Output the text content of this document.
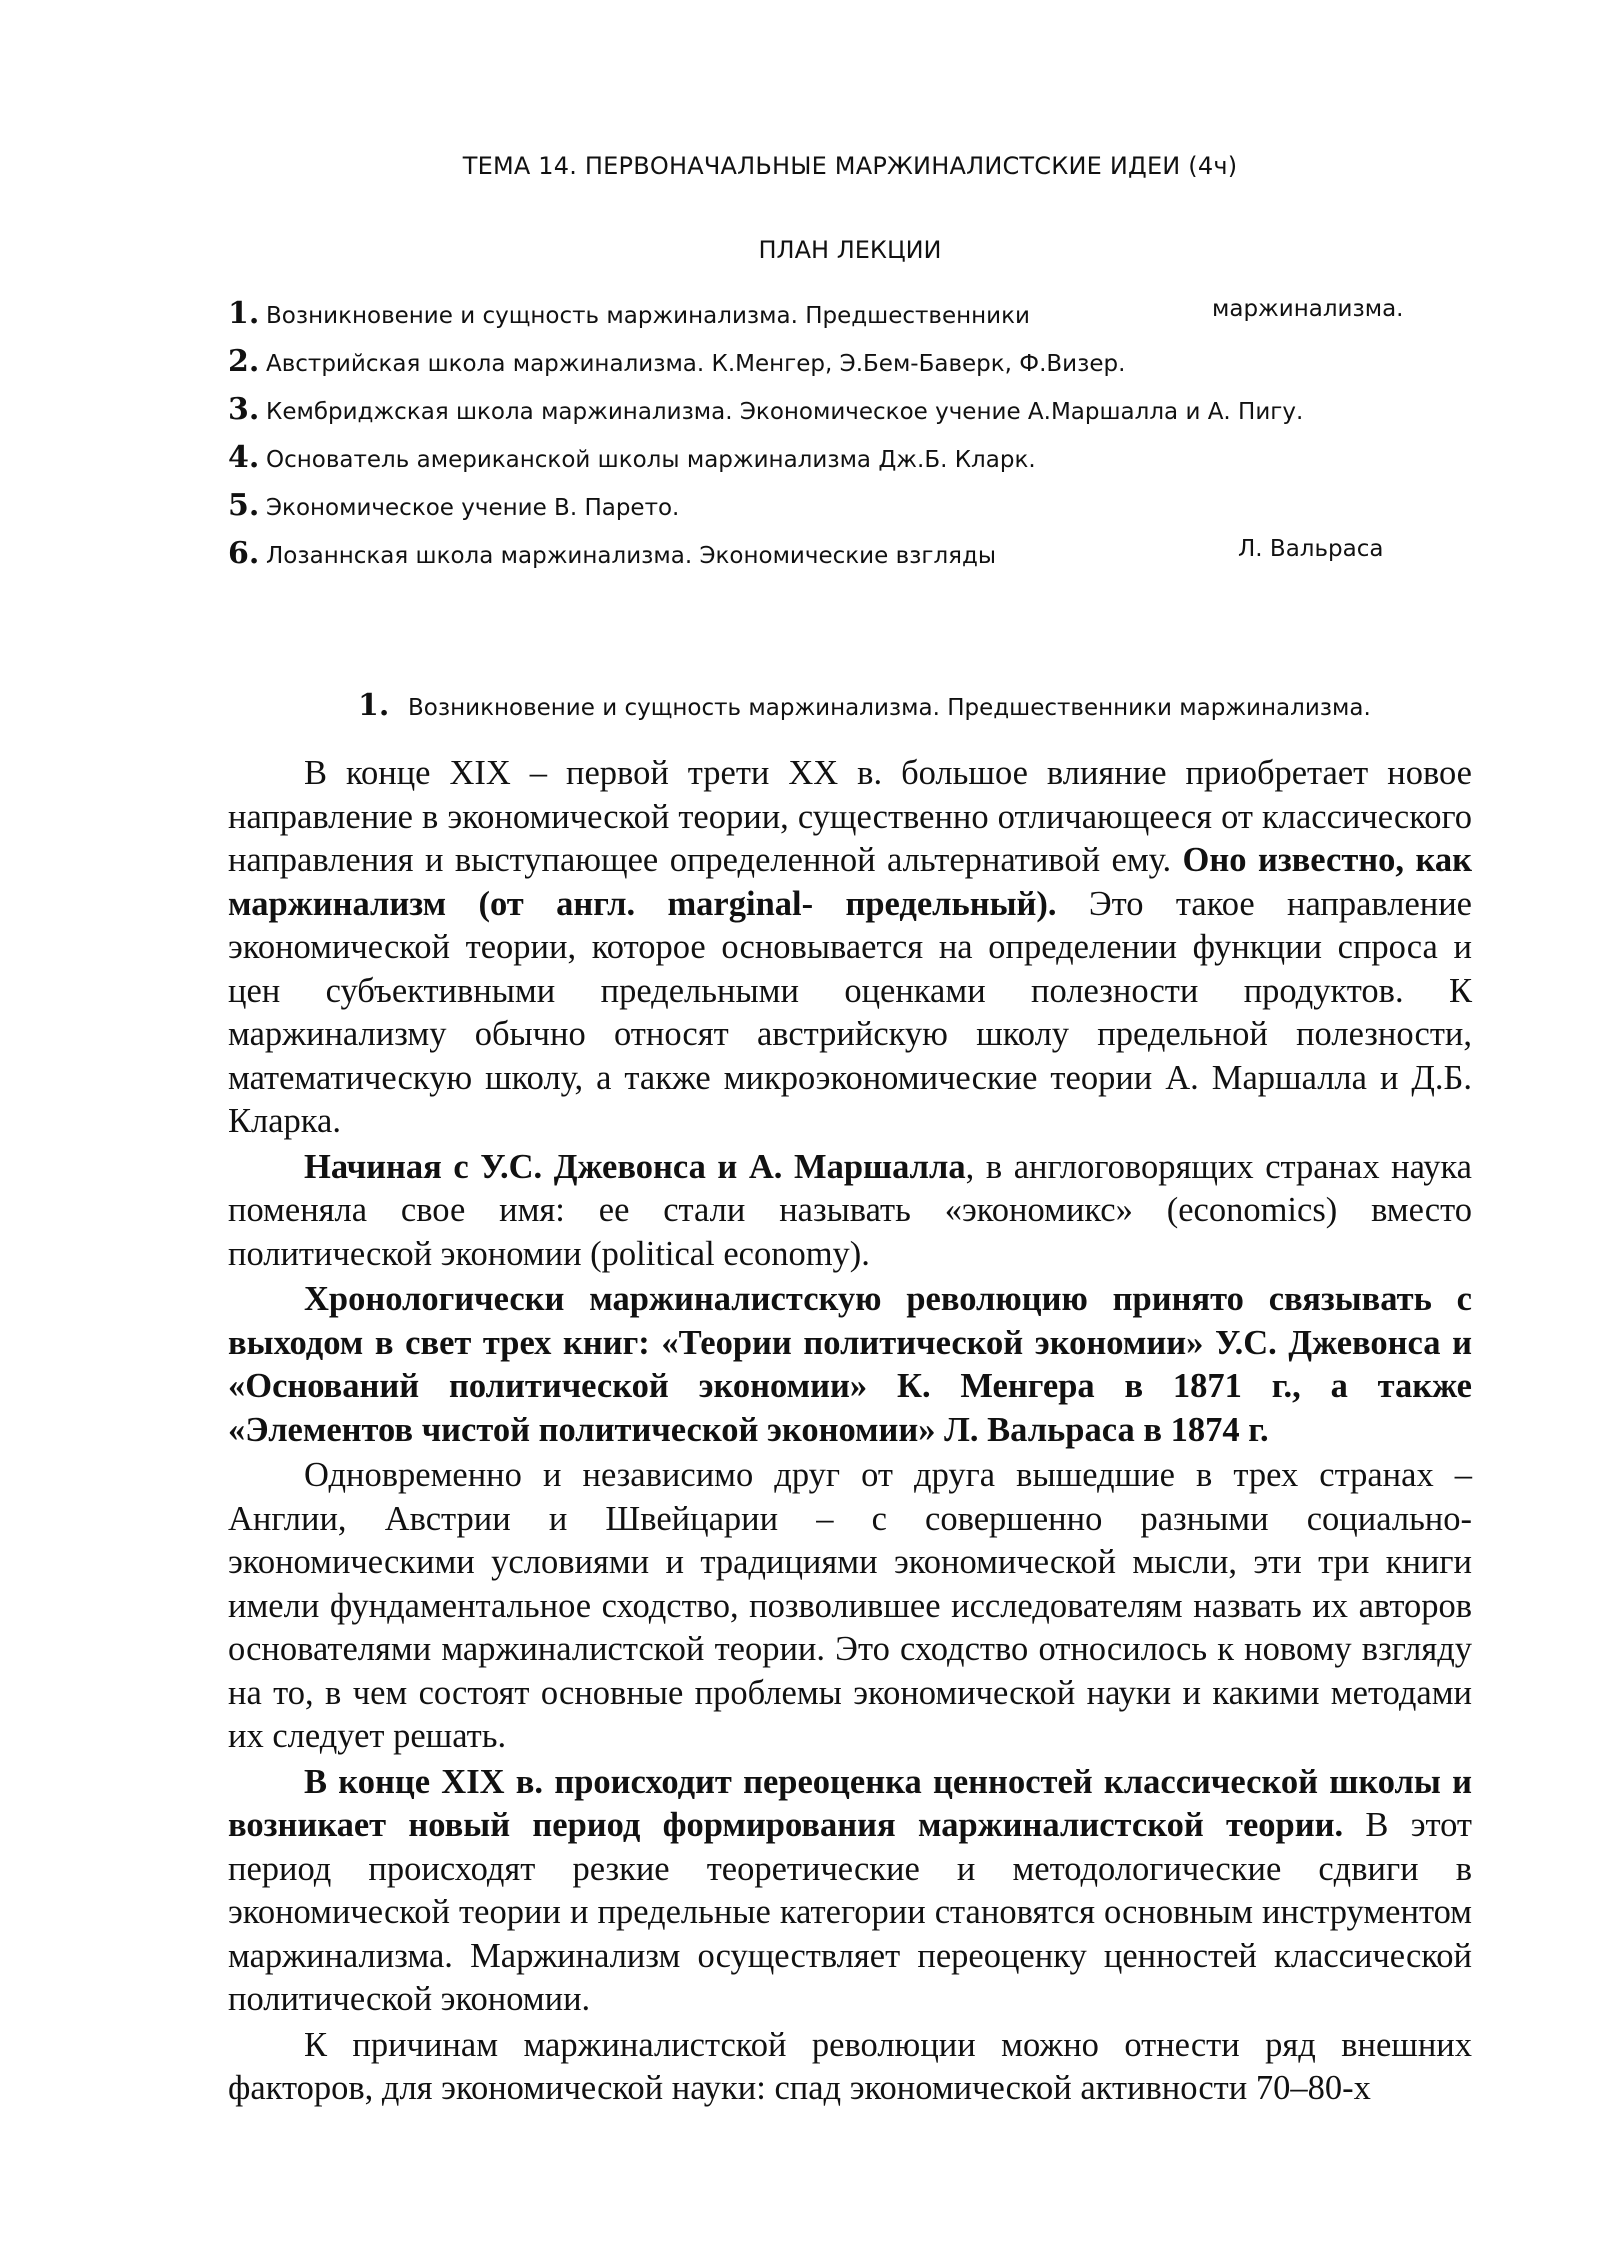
ТЕМА 14. ПЕРВОНАЧАЛЬНЫЕ МАРЖИНАЛИСТСКИЕ ИДЕИ (4ч)
ПЛАН ЛЕКЦИИ
1. Возникновение и сущность маржинализма. Предшественники	маржинализма.
2. Австрийская школа маржинализма. К.Менгер, Э.Бем-Баверк, Ф.Визер.
3. Кембриджская школа маржинализма. Экономическое учение А.Маршалла и А. Пигу.
4. Основатель американской школы маржинализма Дж.Б. Кларк.
5. Экономическое учение В. Парето.
6. Лозаннская школа маржинализма. Экономические взгляды	Л. Вальраса
1. Возникновение и сущность маржинализма. Предшественники маржинализма.

В конце XIX – первой трети XX в. большое влияние приобретает новое направление в экономической теории, существенно отличающееся от классического направления и выступающее определенной альтернативой ему. Оно известно, как маржинализм (от англ. marginal- предельный). Это такое направление экономической теории, которое основывается на определении функции спроса и цен субъективными предельными оценками полезности продуктов. К маржинализму обычно относят австрийскую школу предельной полезности, математическую школу, а также микроэкономические теории А. Маршалла и Д.Б. Кларка.

Начиная с У.С. Джевонса и А. Маршалла, в англоговорящих странах наука поменяла свое имя: ее стали называть «экономикс» (economics) вместо политической экономии (political economy).

Хронологически маржиналистскую революцию принято связывать с выходом в свет трех книг: «Теории политической экономии» У.С. Джевонса и «Оснований политической экономии» К. Менгера в 1871 г., а также «Элементов чистой политической экономии» Л. Вальраса в 1874 г.

Одновременно и независимо друг от друга вышедшие в трех странах – Англии, Австрии и Швейцарии – с совершенно разными социально-экономическими условиями и традициями экономической мысли, эти три книги имели фундаментальное сходство, позволившее исследователям назвать их авторов основателями маржиналистской теории. Это сходство относилось к новому взгляду на то, в чем состоят основные проблемы экономической науки и какими методами их следует решать.

В конце XIX в. происходит переоценка ценностей классической школы и возникает новый период формирования маржиналистской теории. В этот период происходят резкие теоретические и методологические сдвиги в экономической теории и предельные категории становятся основным инструментом маржинализма. Маржинализм осуществляет переоценку ценностей классической политической экономии.

К причинам маржиналистской революции можно отнести ряд внешних факторов, для экономической науки: спад экономической активности 70–80-х
